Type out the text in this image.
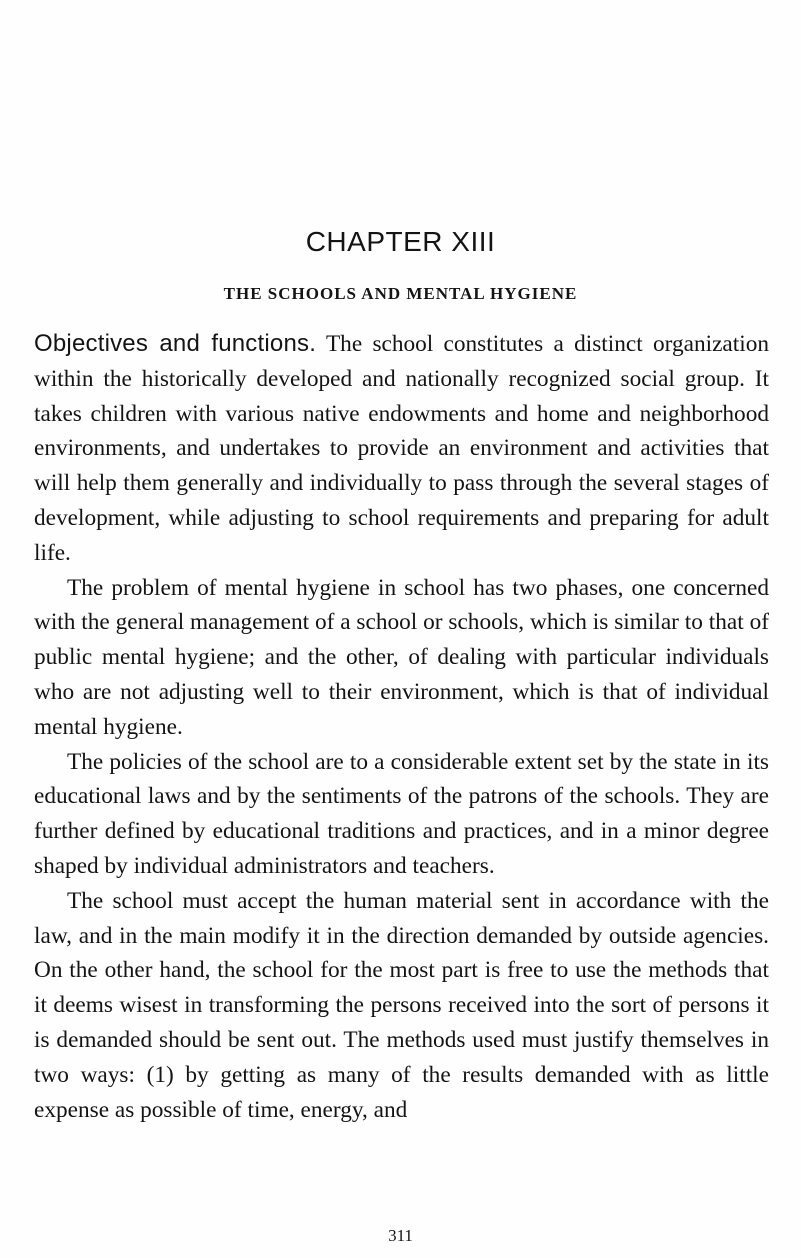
CHAPTER XIII
THE SCHOOLS AND MENTAL HYGIENE

Objectives and functions. The school constitutes a distinct organization within the historically developed and nationally recognized social group. It takes children with various native endowments and home and neighborhood environments, and undertakes to provide an environment and activities that will help them generally and individually to pass through the several stages of development, while adjusting to school requirements and preparing for adult life.

The problem of mental hygiene in school has two phases, one concerned with the general management of a school or schools, which is similar to that of public mental hygiene; and the other, of dealing with particular individuals who are not adjusting well to their environment, which is that of individual mental hygiene.

The policies of the school are to a considerable extent set by the state in its educational laws and by the sentiments of the patrons of the schools. They are further defined by educational traditions and practices, and in a minor degree shaped by individual administrators and teachers.

The school must accept the human material sent in accordance with the law, and in the main modify it in the direction demanded by outside agencies. On the other hand, the school for the most part is free to use the methods that it deems wisest in transforming the persons received into the sort of persons it is demanded should be sent out. The methods used must justify themselves in two ways: (1) by getting as many of the results demanded with as little expense as possible of time, energy, and

311
